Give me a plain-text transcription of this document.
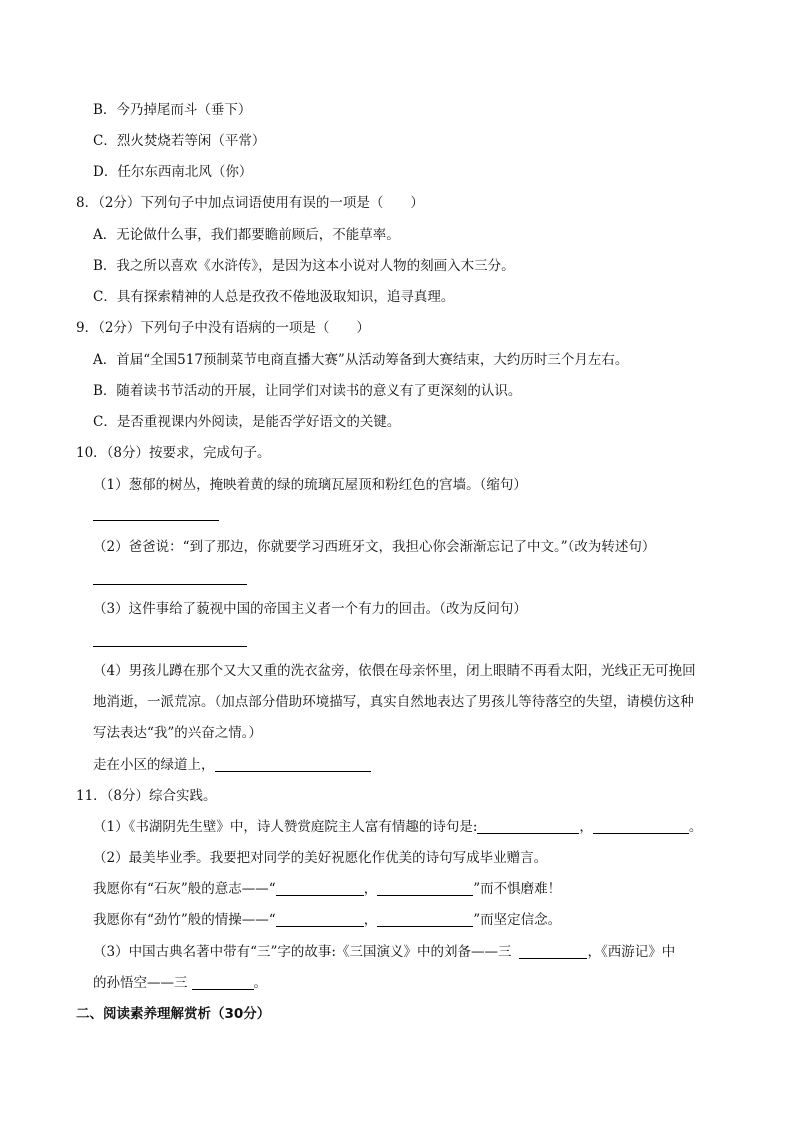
B．今乃掉尾而斗（垂下）
C．烈火焚烧若等闲（平常）
D．任尔东西南北风（你）
8．（2分）下列句子中加点词语使用有误的一项是（　　）
A．无论做什么事，我们都要瞻前顾后，不能草率。
B．我之所以喜欢《水浒传》，是因为这本小说对人物的刻画入木三分。
C．具有探索精神的人总是孜孜不倦地汲取知识，追寻真理。
9．（2分）下列句子中没有语病的一项是（　　）
A．首届“全国517预制菜节电商直播大赛”从活动筹备到大赛结束，大约历时三个月左右。
B．随着读书节活动的开展，让同学们对读书的意义有了更深刻的认识。
C．是否重视课内外阅读，是能否学好语文的关键。
10．（8分）按要求，完成句子。
（1）葱郁的树丛，掩映着黄的绿的琉璃瓦屋顶和粉红色的宫墙。（缩句）
（2）爸爸说：“到了那边，你就要学习西班牙文，我担心你会渐渐忘记了中文。”（改为转述句）
（3）这件事给了藐视中国的帝国主义者一个有力的回击。（改为反问句）
（4）男孩儿蹲在那个又大又重的洗衣盆旁，依偎在母亲怀里，闭上眼睛不再看太阳，光线正无可挽回
地消逝，一派荒凉。（加点部分借助环境描写，真实自然地表达了男孩儿等待落空的失望，请模仿这种
写法表达“我”的兴奋之情。）
走在小区的绿道上，
11．（8分）综合实践。
（1）《书湖阴先生壁》中，诗人赞赏庭院主人富有情趣的诗句是:	，	。
（2）最美毕业季。我要把对同学的美好祝愿化作优美的诗句写成毕业赠言。
我愿你有“石灰”般的意志——“	，	”而不惧磨难！
我愿你有“劲竹”般的情操——“	，	”而坚定信念。
（3）中国古典名著中带有“三”字的故事:《三国演义》中的刘备——三	，《西游记》中
的孙悟空——三	。
二、阅读素养理解赏析（30分）
